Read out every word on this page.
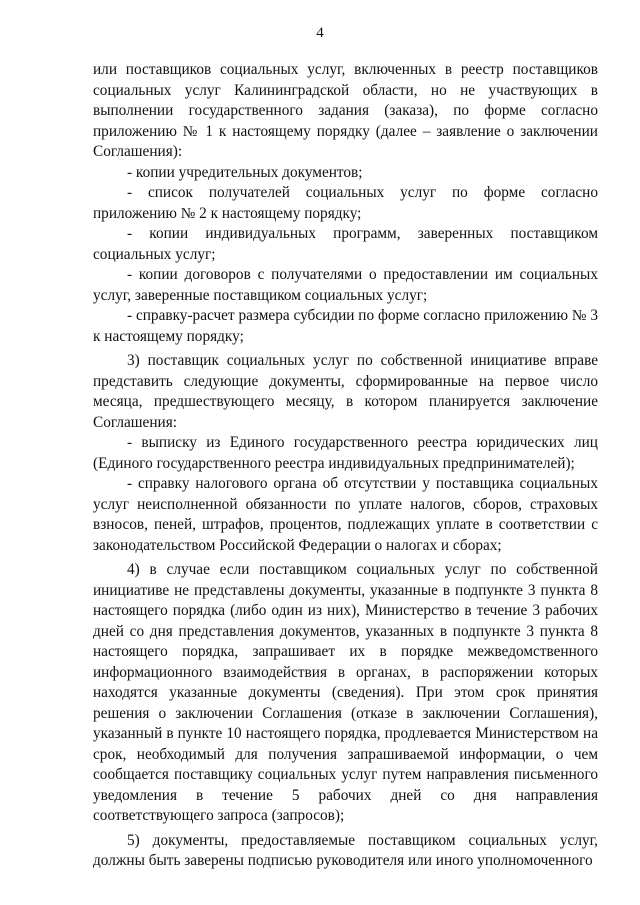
4

или поставщиков социальных услуг, включенных в реестр поставщиков социальных услуг Калининградской области, но не участвующих в выполнении государственного задания (заказа), по форме согласно приложению № 1 к настоящему порядку (далее – заявление о заключении Соглашения):

- копии учредительных документов;

- список получателей социальных услуг по форме согласно приложению № 2 к настоящему порядку;

- копии индивидуальных программ, заверенных поставщиком социальных услуг;

- копии договоров с получателями о предоставлении им социальных услуг, заверенные поставщиком социальных услуг;

- справку-расчет размера субсидии по форме согласно приложению № 3 к настоящему порядку;

3) поставщик социальных услуг по собственной инициативе вправе представить следующие документы, сформированные на первое число месяца, предшествующего месяцу, в котором планируется заключение Соглашения:

- выписку из Единого государственного реестра юридических лиц (Единого государственного реестра индивидуальных предпринимателей);

- справку налогового органа об отсутствии у поставщика социальных услуг неисполненной обязанности по уплате налогов, сборов, страховых взносов, пеней, штрафов, процентов, подлежащих уплате в соответствии с законодательством Российской Федерации о налогах и сборах;

4) в случае если поставщиком социальных услуг по собственной инициативе не представлены документы, указанные в подпункте 3 пункта 8 настоящего порядка (либо один из них), Министерство в течение 3 рабочих дней со дня представления документов, указанных в подпункте 3 пункта 8 настоящего порядка, запрашивает их в порядке межведомственного информационного взаимодействия в органах, в распоряжении которых находятся указанные документы (сведения). При этом срок принятия решения о заключении Соглашения (отказе в заключении Соглашения), указанный в пункте 10 настоящего порядка, продлевается Министерством на срок, необходимый для получения запрашиваемой информации, о чем сообщается поставщику социальных услуг путем направления письменного уведомления в течение 5 рабочих дней со дня направления соответствующего запроса (запросов);

5) документы, предоставляемые поставщиком социальных услуг, должны быть заверены подписью руководителя или иного уполномоченного
